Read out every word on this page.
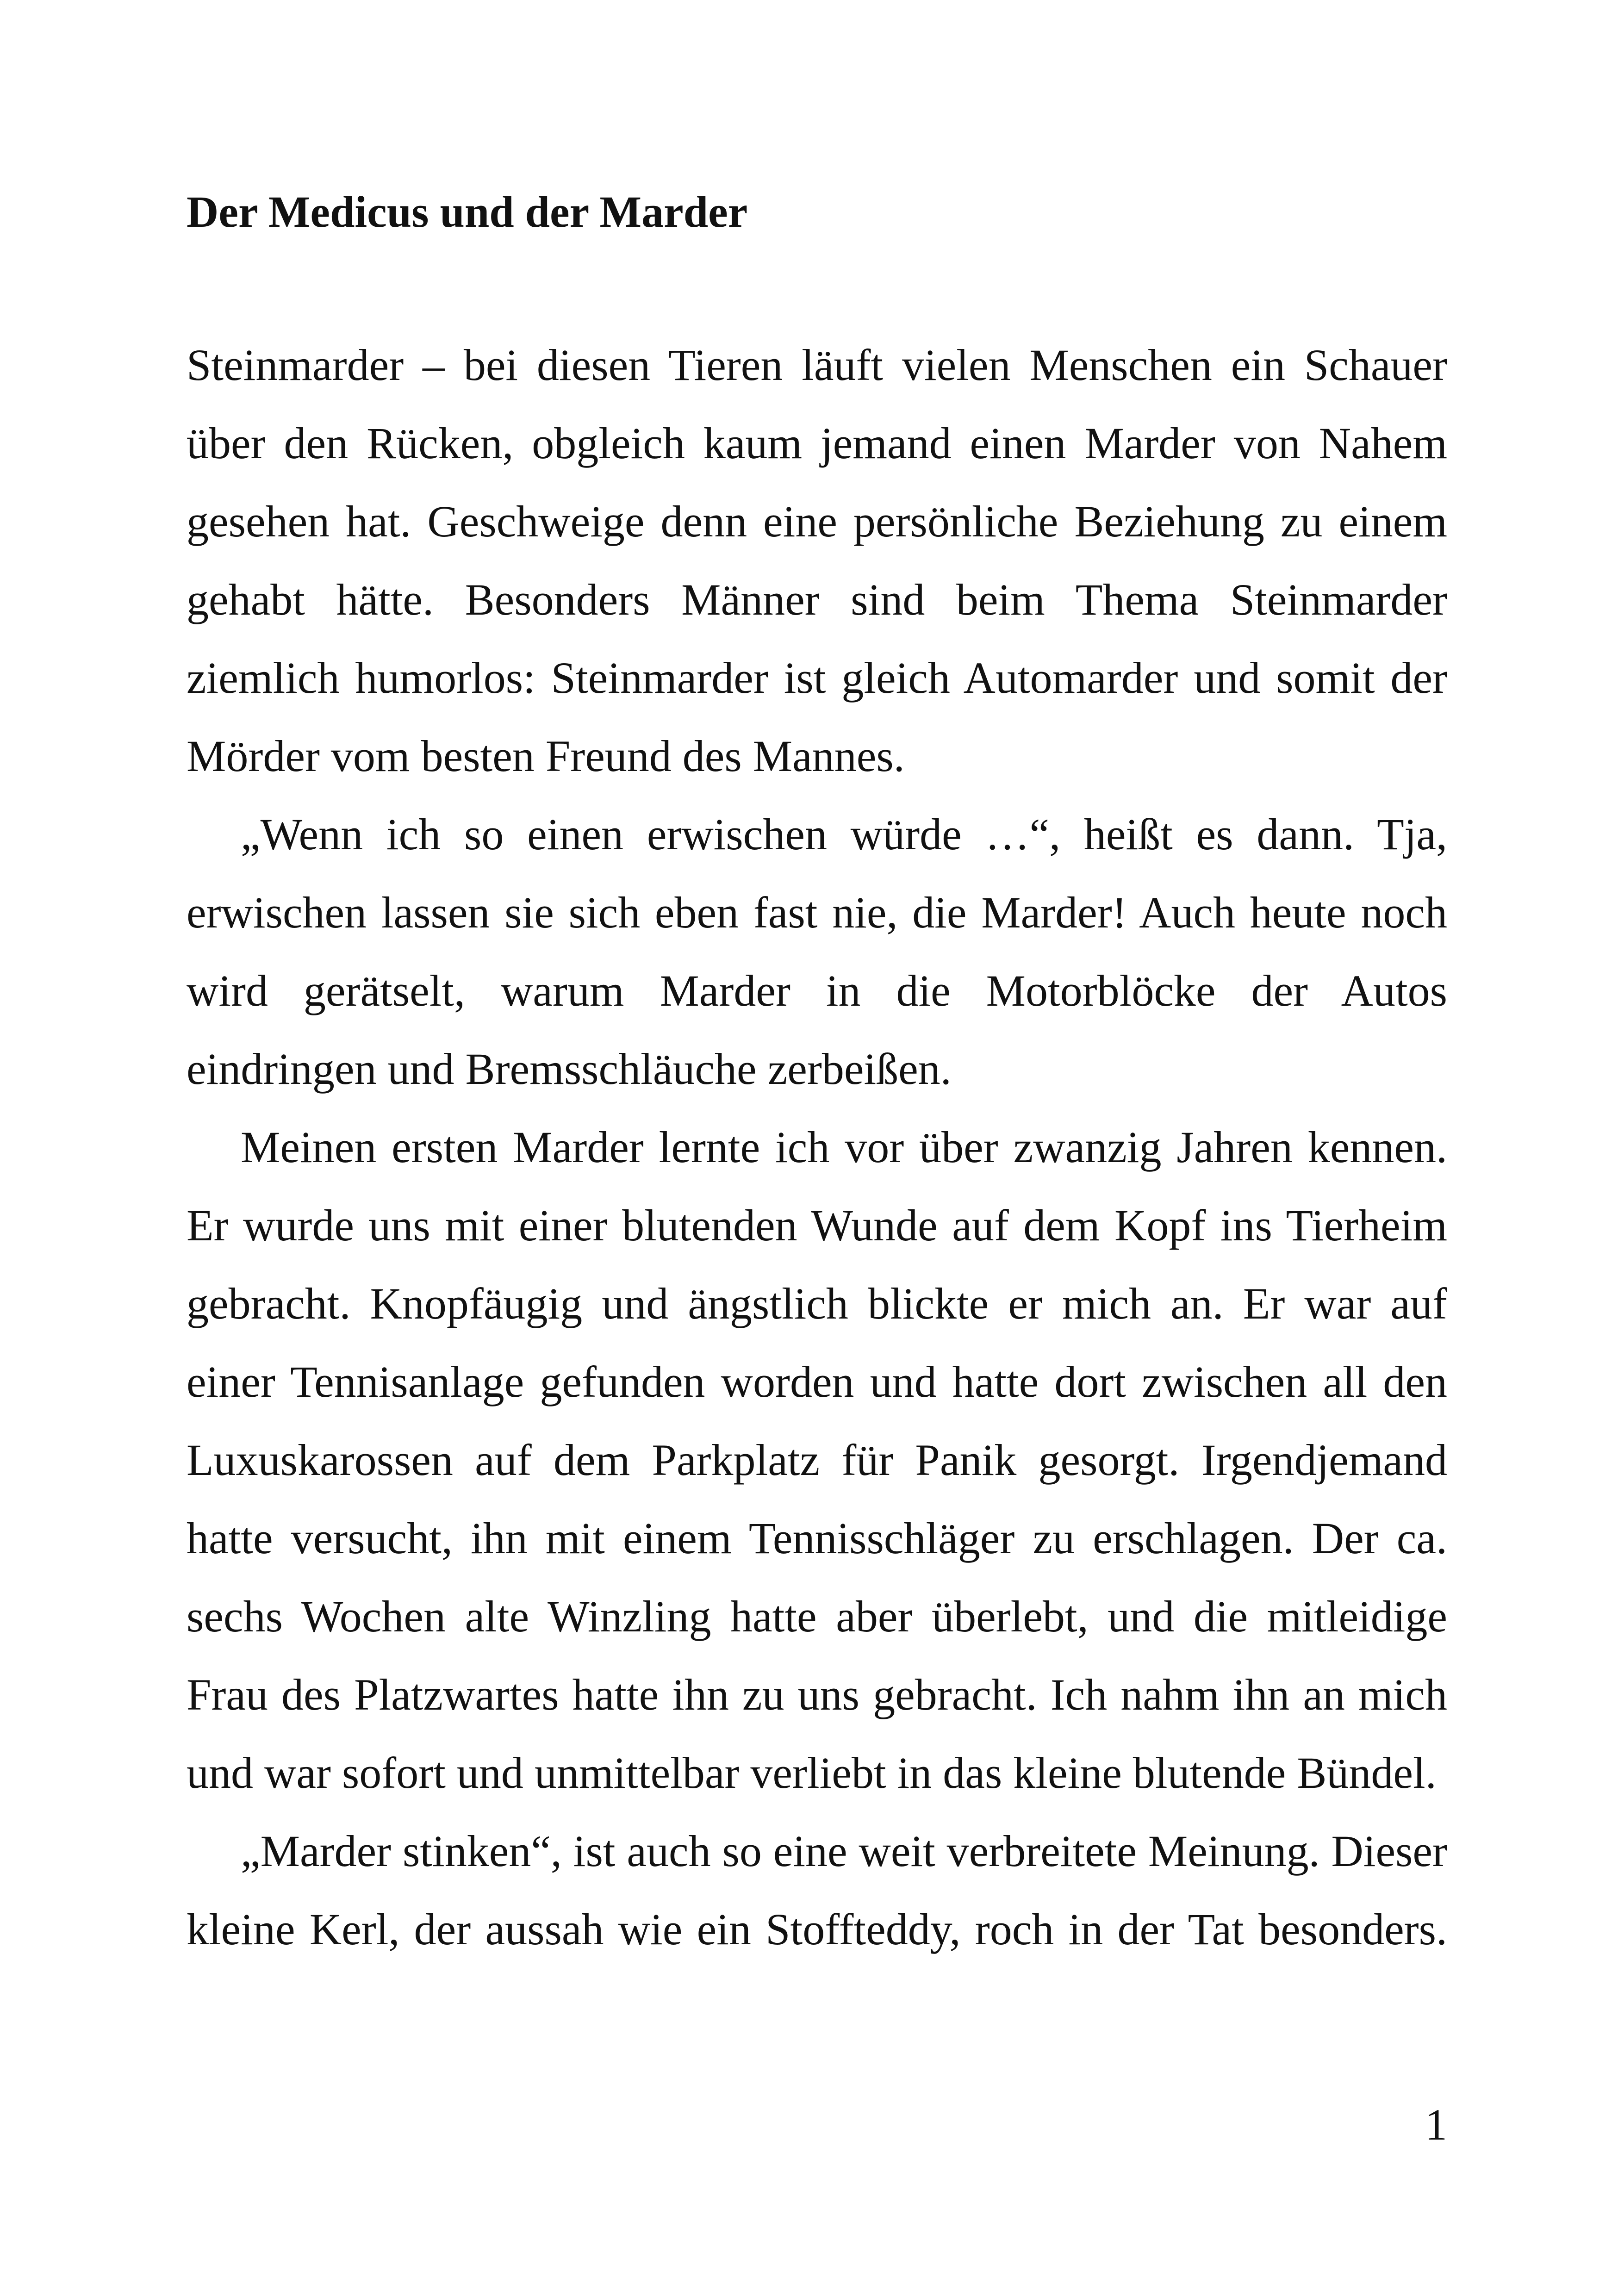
Der Medicus und der Marder
Steinmarder – bei diesen Tieren läuft vielen Menschen ein Schauer
über den Rücken, obgleich kaum jemand einen Marder von Nahem
gesehen hat. Geschweige denn eine persönliche Beziehung zu einem
gehabt hätte. Besonders Männer sind beim Thema Steinmarder
ziemlich humorlos: Steinmarder ist gleich Automarder und somit der
Mörder vom besten Freund des Mannes.
„Wenn ich so einen erwischen würde …“, heißt es dann. Tja,
erwischen lassen sie sich eben fast nie, die Marder! Auch heute noch
wird gerätselt, warum Marder in die Motorblöcke der Autos
eindringen und Bremsschläuche zerbeißen.
Meinen ersten Marder lernte ich vor über zwanzig Jahren kennen.
Er wurde uns mit einer blutenden Wunde auf dem Kopf ins Tierheim
gebracht. Knopfäugig und ängstlich blickte er mich an. Er war auf
einer Tennisanlage gefunden worden und hatte dort zwischen all den
Luxuskarossen auf dem Parkplatz für Panik gesorgt. Irgendjemand
hatte versucht, ihn mit einem Tennisschläger zu erschlagen. Der ca.
sechs Wochen alte Winzling hatte aber überlebt, und die mitleidige
Frau des Platzwartes hatte ihn zu uns gebracht. Ich nahm ihn an mich
und war sofort und unmittelbar verliebt in das kleine blutende Bündel.
„Marder stinken“, ist auch so eine weit verbreitete Meinung. Dieser
kleine Kerl, der aussah wie ein Stoffteddy, roch in der Tat besonders.
1
